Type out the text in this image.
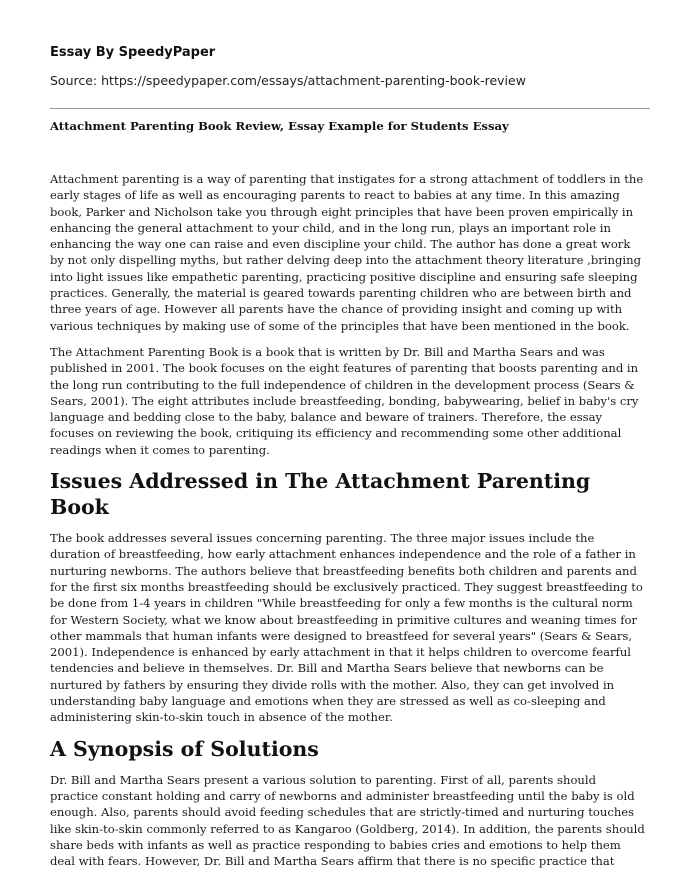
Essay By SpeedyPaper
Source: https://speedypaper.com/essays/attachment-parenting-book-review
Attachment Parenting Book Review, Essay Example for Students Essay

Attachment parenting is a way of parenting that instigates for a strong attachment of toddlers in the
early stages of life as well as encouraging parents to react to babies at any time. In this amazing
book, Parker and Nicholson take you through eight principles that have been proven empirically in
enhancing the general attachment to your child, and in the long run, plays an important role in
enhancing the way one can raise and even discipline your child. The author has done a great work
by not only dispelling myths, but rather delving deep into the attachment theory literature ,bringing
into light issues like empathetic parenting, practicing positive discipline and ensuring safe sleeping
practices. Generally, the material is geared towards parenting children who are between birth and
three years of age. However all parents have the chance of providing insight and coming up with
various techniques by making use of some of the principles that have been mentioned in the book.

The Attachment Parenting Book is a book that is written by Dr. Bill and Martha Sears and was
published in 2001. The book focuses on the eight features of parenting that boosts parenting and in
the long run contributing to the full independence of children in the development process (Sears &
Sears, 2001). The eight attributes include breastfeeding, bonding, babywearing, belief in baby's cry
language and bedding close to the baby, balance and beware of trainers. Therefore, the essay
focuses on reviewing the book, critiquing its efficiency and recommending some other additional
readings when it comes to parenting.

Issues Addressed in The Attachment Parenting Book

The book addresses several issues concerning parenting. The three major issues include the
duration of breastfeeding, how early attachment enhances independence and the role of a father in
nurturing newborns. The authors believe that breastfeeding benefits both children and parents and
for the first six months breastfeeding should be exclusively practiced. They suggest breastfeeding to
be done from 1-4 years in children "While breastfeeding for only a few months is the cultural norm
for Western Society, what we know about breastfeeding in primitive cultures and weaning times for
other mammals that human infants were designed to breastfeed for several years" (Sears & Sears,
2001). Independence is enhanced by early attachment in that it helps children to overcome fearful
tendencies and believe in themselves. Dr. Bill and Martha Sears believe that newborns can be
nurtured by fathers by ensuring they divide rolls with the mother. Also, they can get involved in
understanding baby language and emotions when they are stressed as well as co-sleeping and
administering skin-to-skin touch in absence of the mother.

A Synopsis of Solutions

Dr. Bill and Martha Sears present a various solution to parenting. First of all, parents should
practice constant holding and carry of newborns and administer breastfeeding until the baby is old
enough. Also, parents should avoid feeding schedules that are strictly-timed and nurturing touches
like skin-to-skin commonly referred to as Kangaroo (Goldberg, 2014). In addition, the parents should
share beds with infants as well as practice responding to babies cries and emotions to help them
deal with fears. However, Dr. Bill and Martha Sears affirm that there is no specific practice that
